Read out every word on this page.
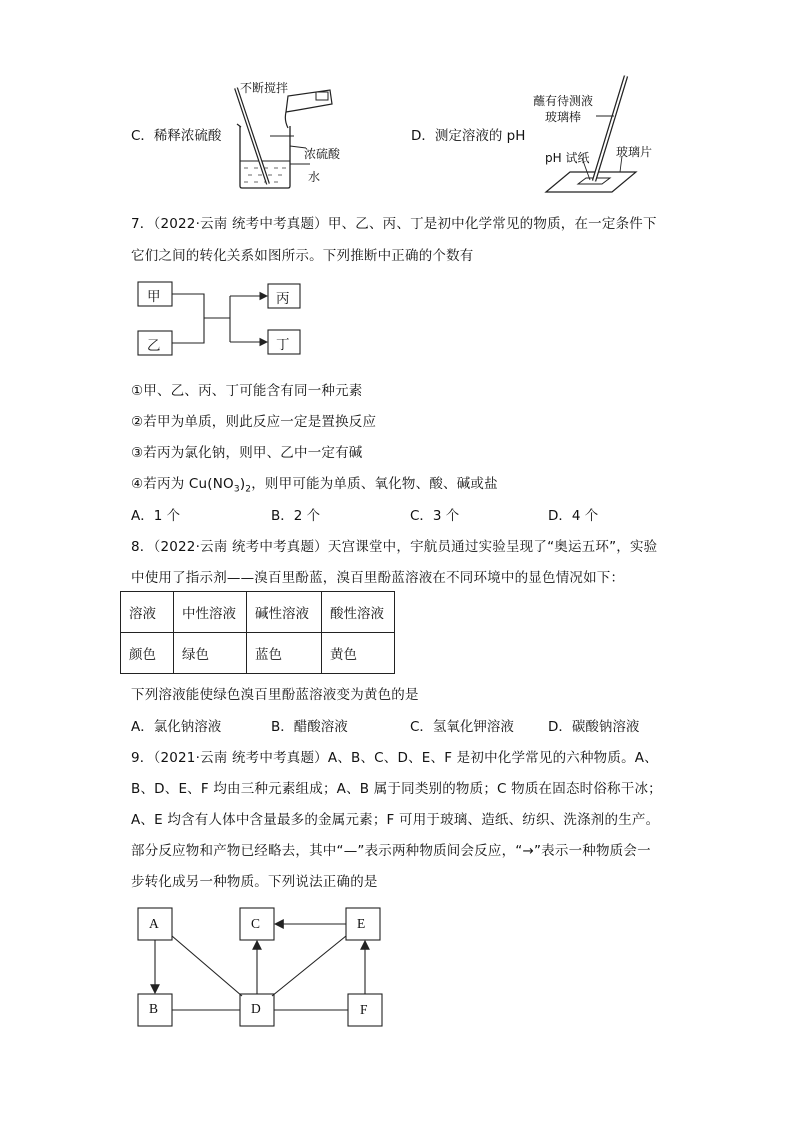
C．稀释浓硫酸	D．测定溶液的 pH
不断搅拌
浓硫酸
水
蘸有待测液
玻璃棒
pH 试纸 玻璃片
7．（2022·云南 统考中考真题）甲、乙、丙、丁是初中化学常见的物质，在一定条件下
它们之间的转化关系如图所示。下列推断中正确的个数有
甲
乙
丙
丁
①甲、乙、丙、丁可能含有同一种元素
②若甲为单质，则此反应一定是置换反应
③若丙为氯化钠，则甲、乙中一定有碱
④若丙为 $Cu(NO_3)_2$，则甲可能为单质、氧化物、酸、碱或盐
A．1 个	B．2 个	C．3 个	D．4 个
8．（2022·云南 统考中考真题）天宫课堂中，宇航员通过实验呈现了“奥运五环”，实验
中使用了指示剂——溴百里酚蓝，溴百里酚蓝溶液在不同环境中的显色情况如下：
溶液	中性溶液	碱性溶液	酸性溶液
颜色	绿色	蓝色	黄色
下列溶液能使绿色溴百里酚蓝溶液变为黄色的是
A．氯化钠溶液	B．醋酸溶液	C．氢氧化钾溶液	D．碳酸钠溶液
9．（2021·云南 统考中考真题）A、B、C、D、E、F 是初中化学常见的六种物质。A、
B、D、E、F 均由三种元素组成；A、B 属于同类别的物质；C 物质在固态时俗称干冰；
A、E 均含有人体中含量最多的金属元素；F 可用于玻璃、造纸、纺织、洗涤剂的生产。
部分反应物和产物已经略去，其中“—”表示两种物质间会反应，“→”表示一种物质会一
步转化成另一种物质。下列说法正确的是
A	C	E
B	D	F
